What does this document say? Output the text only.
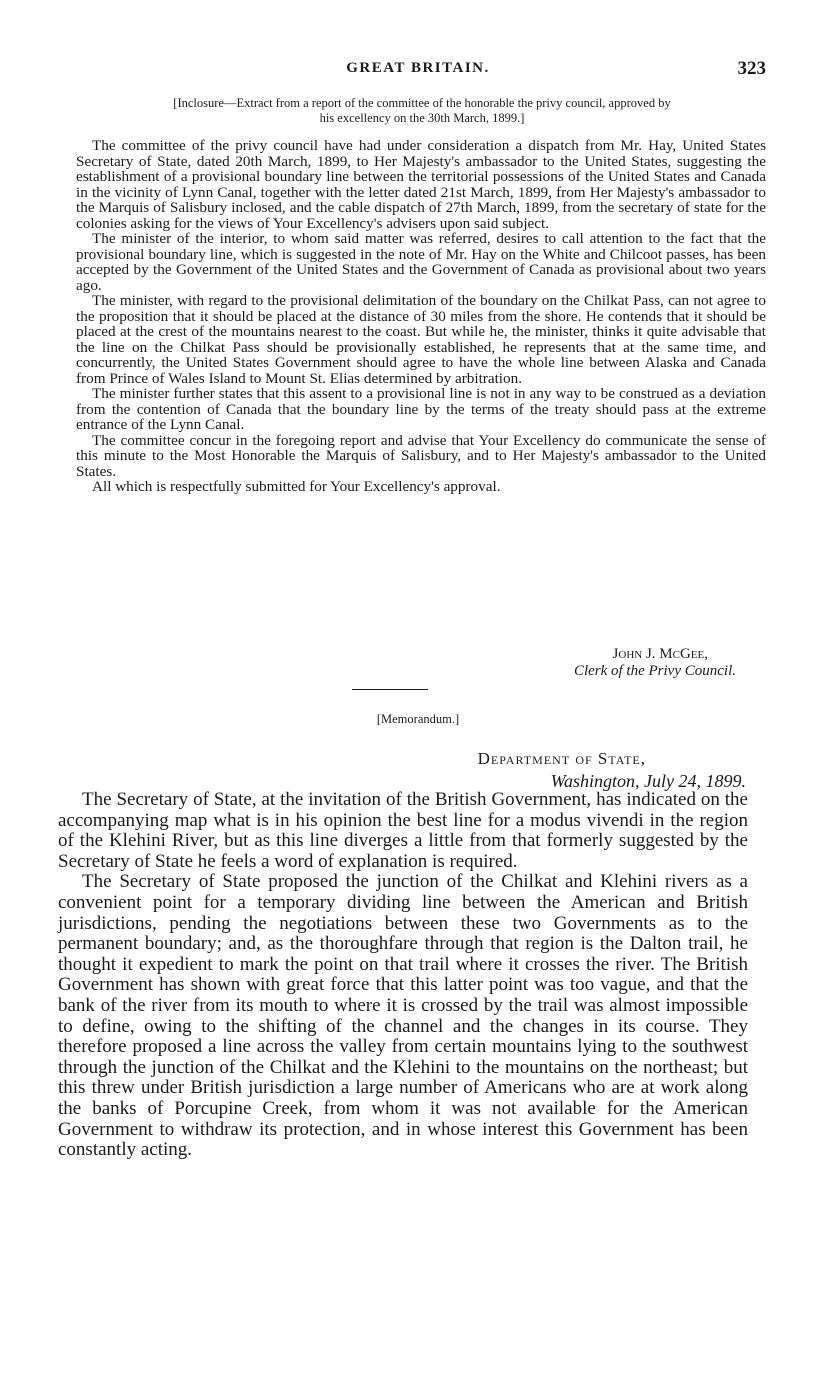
GREAT BRITAIN.	323

[Inclosure—Extract from a report of the committee of the honorable the privy council, approved by

his excellency on the 30th March, 1899.]

The committee of the privy council have had under consideration a dispatch from Mr. Hay, United States Secretary of State, dated 20th March, 1899, to Her Majesty's ambassador to the United States, suggesting the establishment of a provisional boundary line between the territorial possessions of the United States and Canada in the vicinity of Lynn Canal, together with the letter dated 21st March, 1899, from Her Majesty's ambassador to the Marquis of Salisbury inclosed, and the cable dispatch of 27th March, 1899, from the secretary of state for the colonies asking for the views of Your Excellency's advisers upon said subject.

The minister of the interior, to whom said matter was referred, desires to call attention to the fact that the provisional boundary line, which is suggested in the note of Mr. Hay on the White and Chilcoot passes, has been accepted by the Government of the United States and the Government of Canada as provisional about two years ago.

The minister, with regard to the provisional delimitation of the boundary on the Chilkat Pass, can not agree to the proposition that it should be placed at the distance of 30 miles from the shore. He contends that it should be placed at the crest of the mountains nearest to the coast. But while he, the minister, thinks it quite advisable that the line on the Chilkat Pass should be provisionally established, he represents that at the same time, and concurrently, the United States Government should agree to have the whole line between Alaska and Canada from Prince of Wales Island to Mount St. Elias determined by arbitration.

The minister further states that this assent to a provisional line is not in any way to be construed as a deviation from the contention of Canada that the boundary line by the terms of the treaty should pass at the extreme entrance of the Lynn Canal.

The committee concur in the foregoing report and advise that Your Excellency do communicate the sense of this minute to the Most Honorable the Marquis of Salisbury, and to Her Majesty's ambassador to the United States.

All which is respectfully submitted for Your Excellency's approval.

John J. McGee,
Clerk of the Privy Council.
[Memorandum.]
Department of State,
Washington, July 24, 1899.

The Secretary of State, at the invitation of the British Government, has indicated on the accompanying map what is in his opinion the best line for a modus vivendi in the region of the Klehini River, but as this line diverges a little from that formerly suggested by the Secretary of State he feels a word of explanation is required.

The Secretary of State proposed the junction of the Chilkat and Klehini rivers as a convenient point for a temporary dividing line between the American and British jurisdictions, pending the negotiations between these two Governments as to the permanent boundary; and, as the thoroughfare through that region is the Dalton trail, he thought it expedient to mark the point on that trail where it crosses the river. The British Government has shown with great force that this latter point was too vague, and that the bank of the river from its mouth to where it is crossed by the trail was almost impossible to define, owing to the shifting of the channel and the changes in its course. They therefore proposed a line across the valley from certain mountains lying to the southwest through the junction of the Chilkat and the Klehini to the mountains on the northeast; but this threw under British jurisdiction a large number of Americans who are at work along the banks of Porcupine Creek, from whom it was not available for the American Government to withdraw its protection, and in whose interest this Government has been constantly acting.
